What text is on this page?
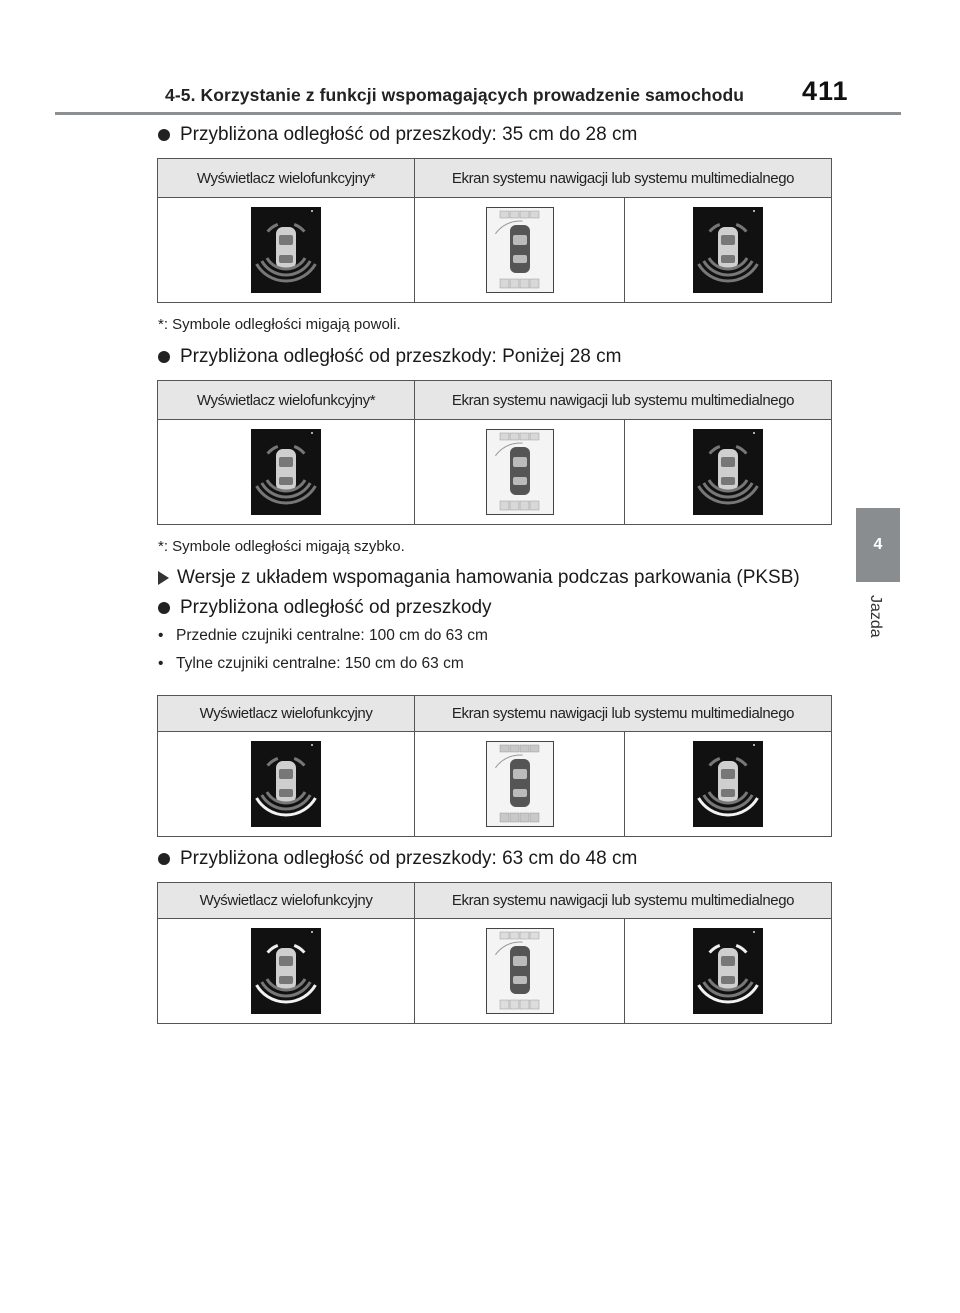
4-5. Korzystanie z funkcji wspomagających prowadzenie samochodu 411
4
Jazda
Przybliżona odległość od przeszkody: 35 cm do 28 cm
Wyświetlacz wielofunkcyjny*	Ekran systemu nawigacji lub systemu multimedialnego
*: Symbole odległości migają powoli.
Przybliżona odległość od przeszkody: Poniżej 28 cm
Wyświetlacz wielofunkcyjny*	Ekran systemu nawigacji lub systemu multimedialnego
*: Symbole odległości migają szybko.
Wersje z układem wspomagania hamowania podczas parkowania (PKSB)
Przybliżona odległość od przeszkody
• Przednie czujniki centralne: 100 cm do 63 cm
• Tylne czujniki centralne: 150 cm do 63 cm
Wyświetlacz wielofunkcyjny	Ekran systemu nawigacji lub systemu multimedialnego
Przybliżona odległość od przeszkody: 63 cm do 48 cm
Wyświetlacz wielofunkcyjny	Ekran systemu nawigacji lub systemu multimedialnego
